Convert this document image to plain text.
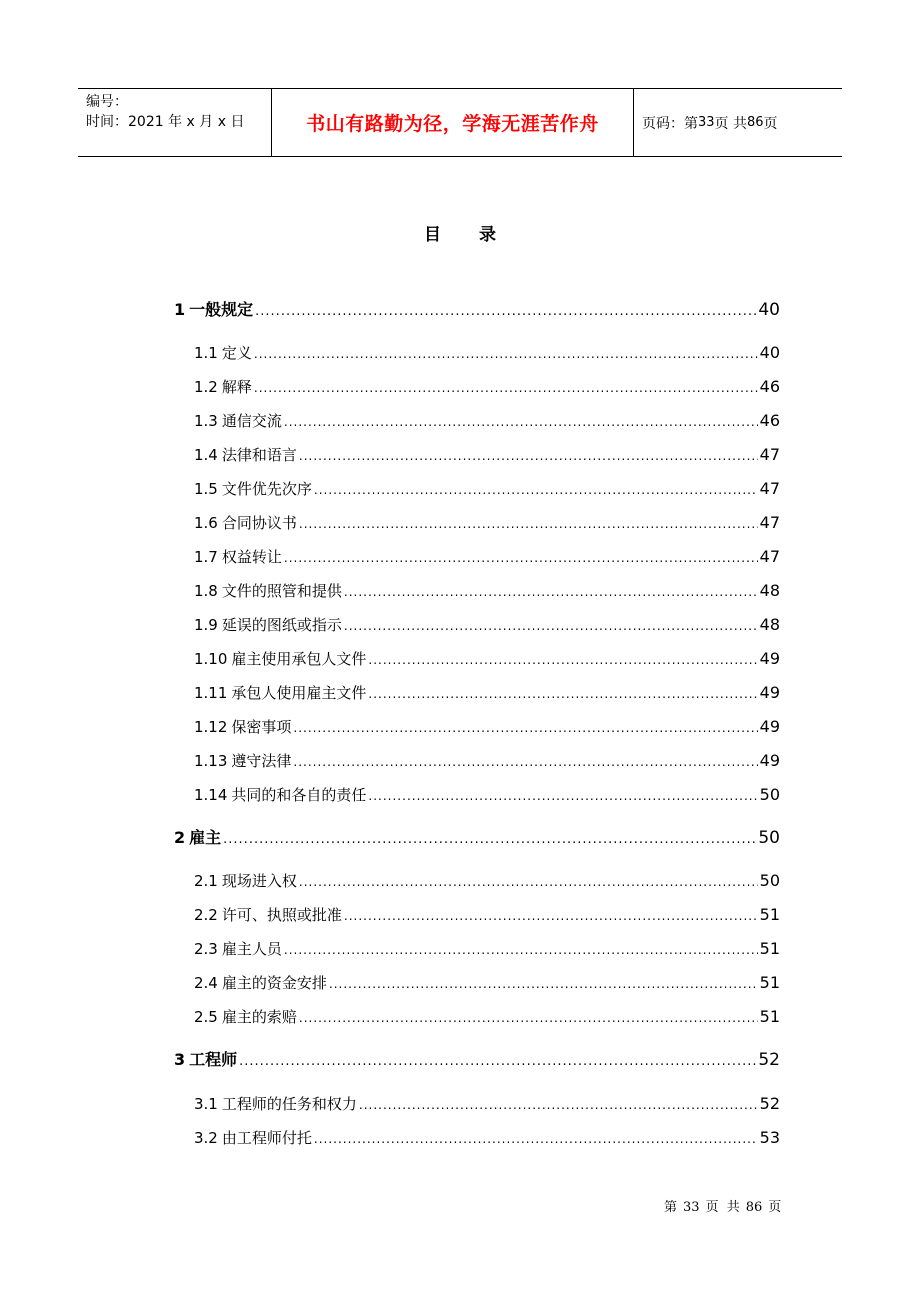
编号：
时间：2021 年 x 月 x 日	书山有路勤为径，学海无涯苦作舟	页码：第 33 页 共 86 页
目 录
1 一般规定 .....	40
1.1 定义 .....	40
1.2 解释 .....	46
1.3 通信交流 .....	46
1.4 法律和语言 .....	47
1.5 文件优先次序 .....	47
1.6 合同协议书 .....	47
1.7 权益转让 .....	47
1.8 文件的照管和提供 .....	48
1.9 延误的图纸或指示 .....	48
1.10 雇主使用承包人文件 .....	49
1.11 承包人使用雇主文件 .....	49
1.12 保密事项 .....	49
1.13 遵守法律 .....	49
1.14 共同的和各自的责任 .....	50
2 雇主 .....	50
2.1 现场进入权 .....	50
2.2 许可、执照或批准 .....	51
2.3 雇主人员 .....	51
2.4 雇主的资金安排 .....	51
2.5 雇主的索赔 .....	51
3 工程师 .....	52
3.1 工程师的任务和权力 .....	52
3.2 由工程师付托 .....	53
第 33 页 共 86 页
